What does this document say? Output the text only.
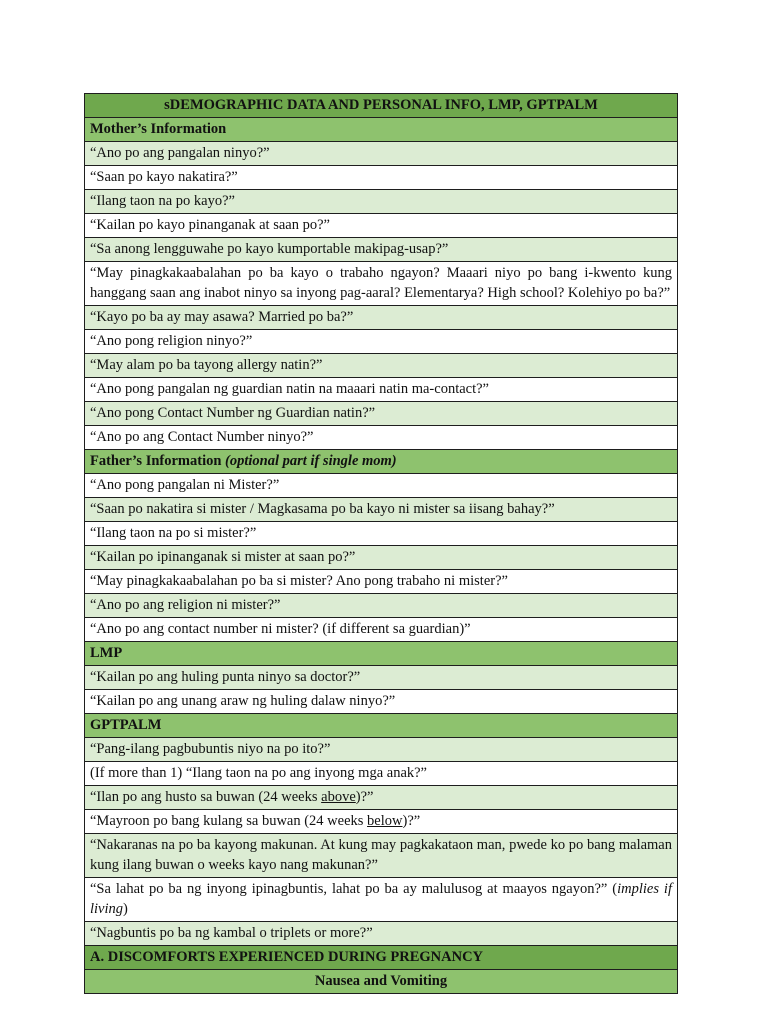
sDEMOGRAPHIC DATA AND PERSONAL INFO, LMP, GPTPALM
Mother’s Information
“Ano po ang pangalan ninyo?”
“Saan po kayo nakatira?”
“Ilang taon na po kayo?”
“Kailan po kayo pinanganak at saan po?”
“Sa anong lengguwahe po kayo kumportable makipag-usap?”
“May pinagkakaabalahan po ba kayo o trabaho ngayon? Maaari niyo po bang i-kwento kung hanggang saan ang inabot ninyo sa inyong pag-aaral? Elementarya? High school? Kolehiyo po ba?”
“Kayo po ba ay may asawa? Married po ba?”
“Ano pong religion ninyo?”
“May alam po ba tayong allergy natin?”
“Ano pong pangalan ng guardian natin na maaari natin ma-contact?”
“Ano pong Contact Number ng Guardian natin?”
“Ano po ang Contact Number ninyo?”
Father’s Information (optional part if single mom)
“Ano pong pangalan ni Mister?”
“Saan po nakatira si mister / Magkasama po ba kayo ni mister sa iisang bahay?”
“Ilang taon na po si mister?”
“Kailan po ipinanganak si mister at saan po?”
“May pinagkakaabalahan po ba si mister? Ano pong trabaho ni mister?”
“Ano po ang religion ni mister?”
“Ano po ang contact number ni mister? (if different sa guardian)”
LMP
“Kailan po ang huling punta ninyo sa doctor?”
“Kailan po ang unang araw ng huling dalaw ninyo?”
GPTPALM
“Pang-ilang pagbubuntis niyo na po ito?”
(If more than 1) “Ilang taon na po ang inyong mga anak?”
“Ilan po ang husto sa buwan (24 weeks above)?”
“Mayroon po bang kulang sa buwan (24 weeks below)?”
“Nakaranas na po ba kayong makunan. At kung may pagkakataon man, pwede ko po bang malaman kung ilang buwan o weeks kayo nang makunan?”
“Sa lahat po ba ng inyong ipinagbuntis, lahat po ba ay malulusog at maayos ngayon?” (implies if living)
“Nagbuntis po ba ng kambal o triplets or more?”
A. DISCOMFORTS EXPERIENCED DURING PREGNANCY
Nausea and Vomiting
